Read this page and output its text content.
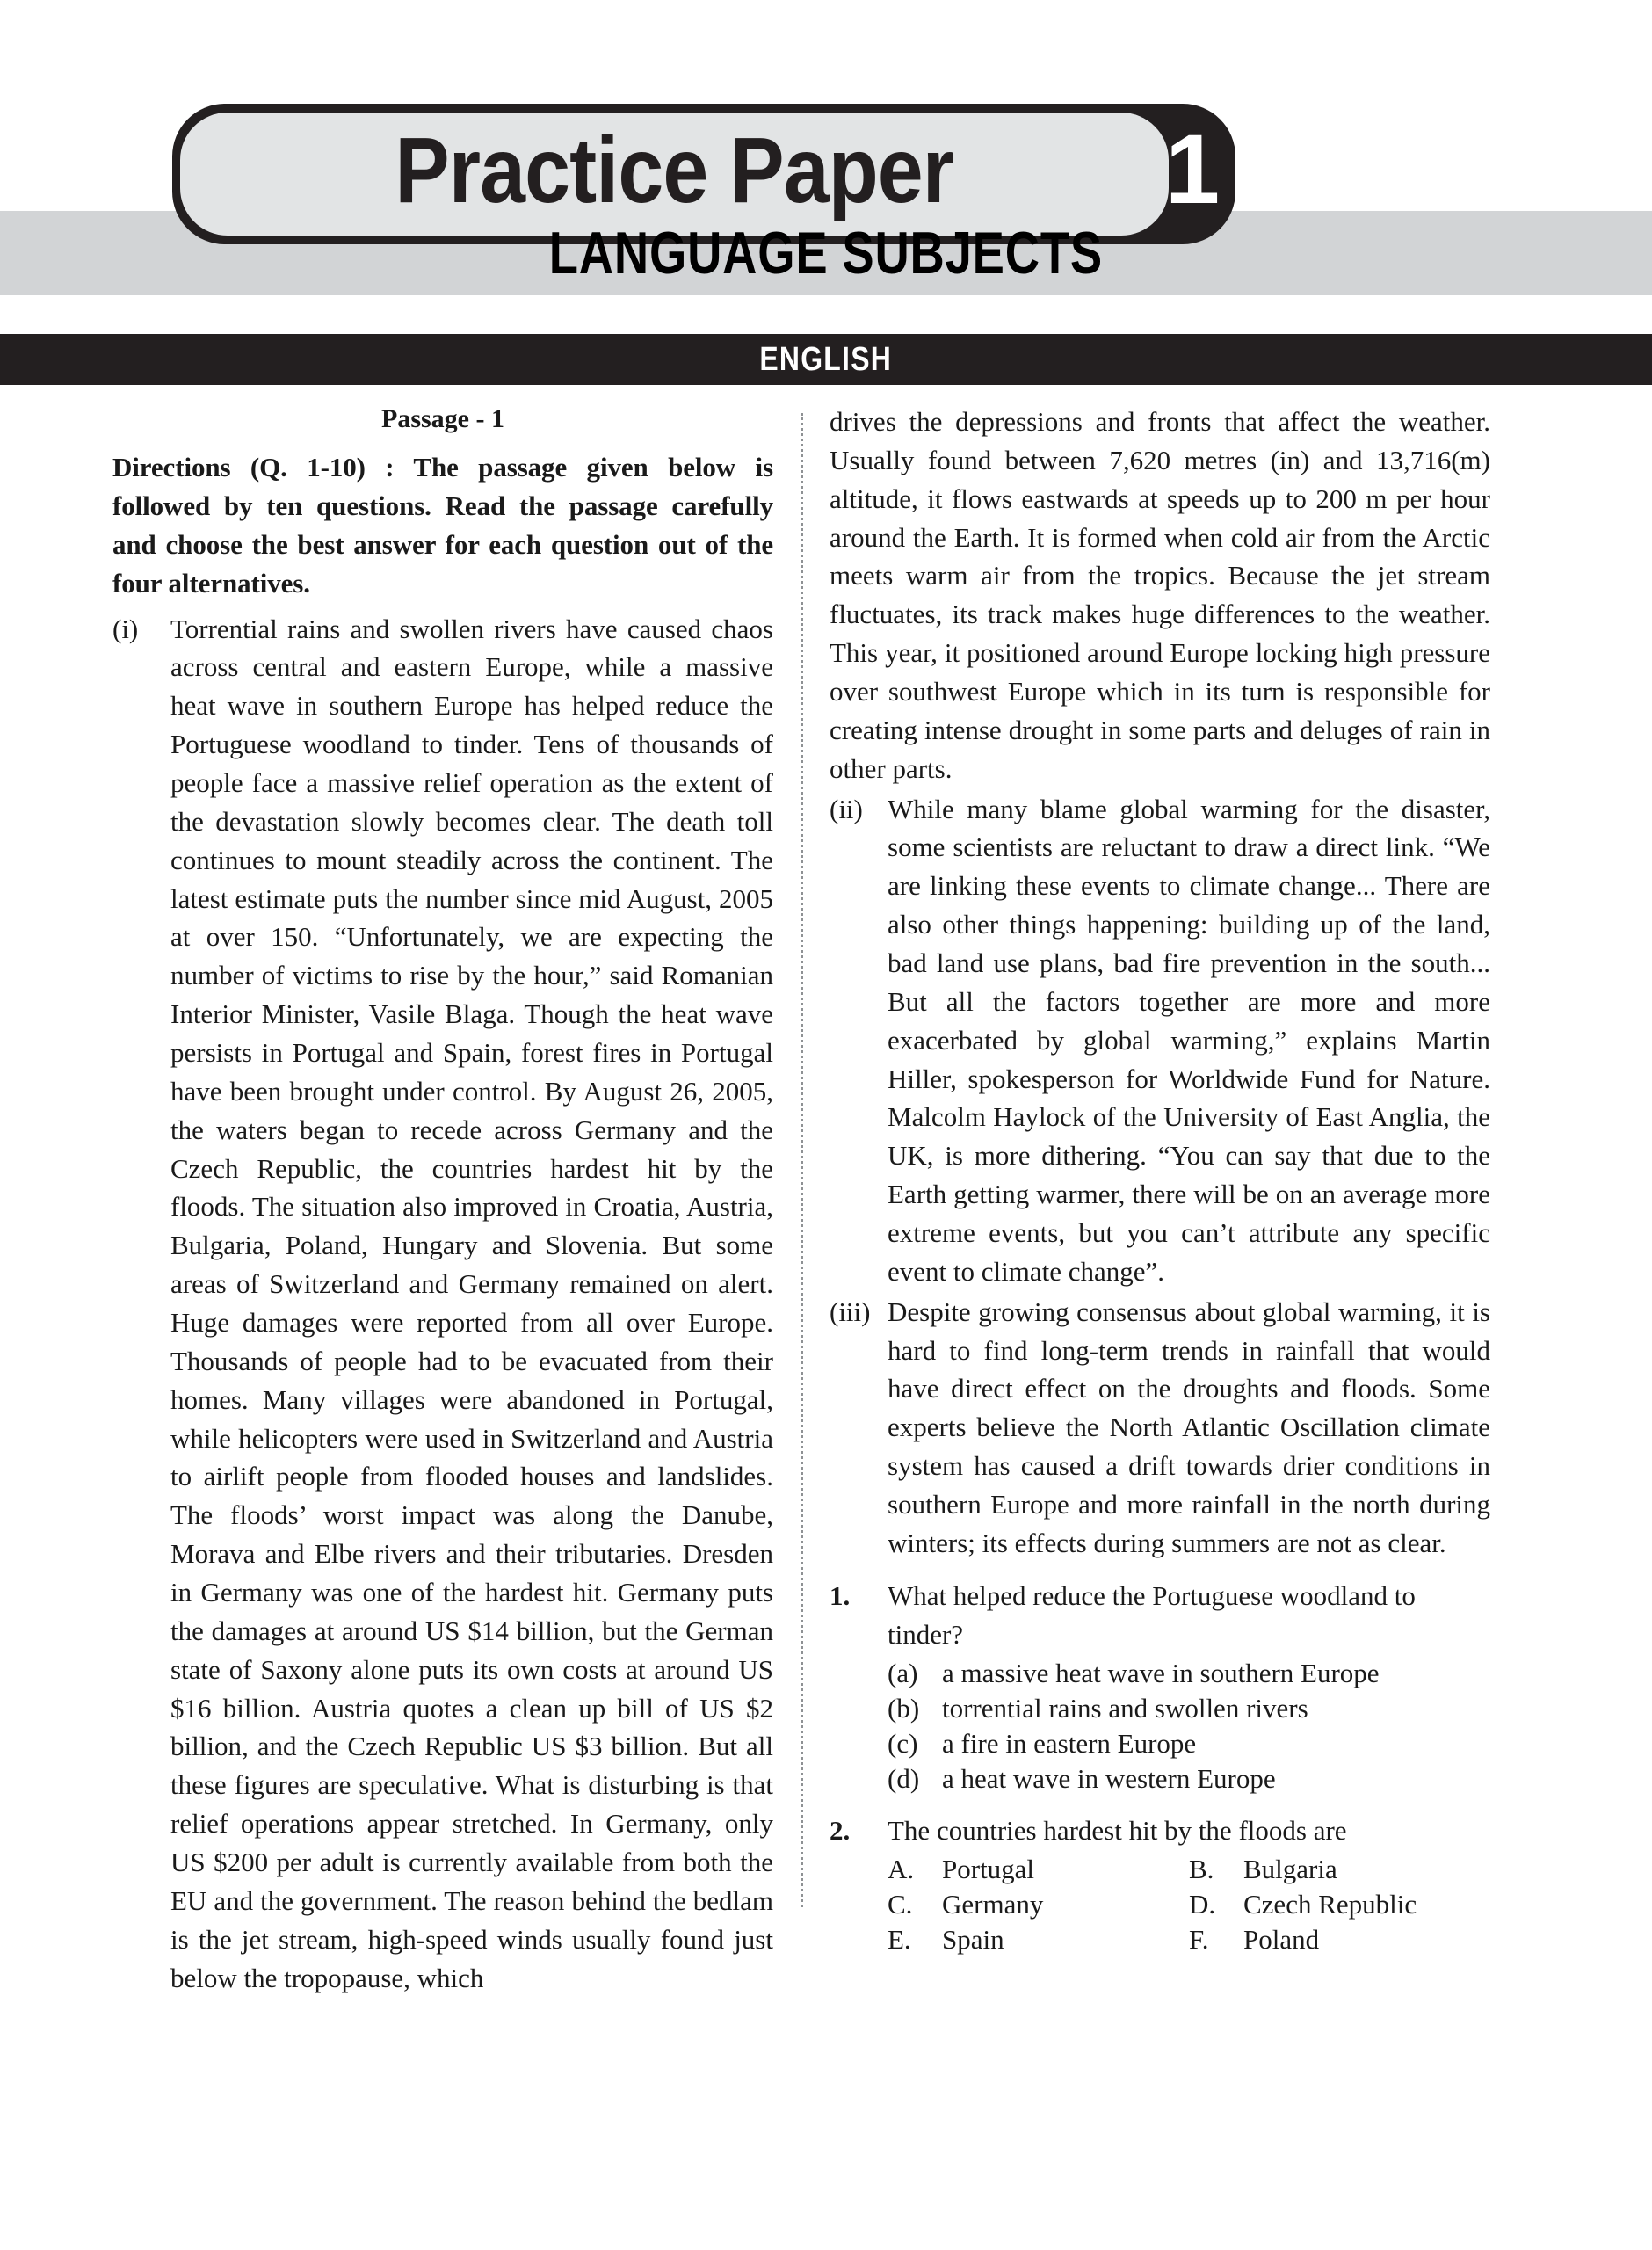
Practice Paper 1
LANGUAGE SUBJECTS
ENGLISH
Passage - 1

Directions (Q. 1-10) : The passage given below is followed by ten questions. Read the passage carefully and choose the best answer for each question out of the four alternatives.

(i)	Torrential rains and swollen rivers have caused chaos across central and eastern Europe, while a massive heat wave in southern Europe has helped reduce the Portuguese woodland to tinder. Tens of thousands of people face a massive relief operation as the extent of the devastation slowly becomes clear. The death toll continues to mount steadily across the continent. The latest estimate puts the number since mid August, 2005 at over 150. “Unfortunately, we are expecting the number of victims to rise by the hour,” said Romanian Interior Minister, Vasile Blaga. Though the heat wave persists in Portugal and Spain, forest fires in Portugal have been brought under control. By August 26, 2005, the waters began to recede across Germany and the Czech Republic, the countries hardest hit by the floods. The situation also improved in Croatia, Austria, Bulgaria, Poland, Hungary and Slovenia. But some areas of Switzerland and Germany remained on alert. Huge damages were reported from all over Europe. Thousands of people had to be evacuated from their homes. Many villages were abandoned in Portugal, while helicopters were used in Switzerland and Austria to airlift people from flooded houses and landslides. The floods’ worst impact was along the Danube, Morava and Elbe rivers and their tributaries. Dresden in Germany was one of the hardest hit. Germany puts the damages at around US $14 billion, but the German state of Saxony alone puts its own costs at around US $16 billion. Austria quotes a clean up bill of US $2 billion, and the Czech Republic US $3 billion. But all these figures are speculative. What is disturbing is that relief operations appear stretched. In Germany, only US $200 per adult is currently available from both the EU and the government. The reason behind the bedlam is the jet stream, high-speed winds usually found just below the tropopause, which
drives the depressions and fronts that affect the weather. Usually found between 7,620 metres (in) and 13,716(m) altitude, it flows eastwards at speeds up to 200 m per hour around the Earth. It is formed when cold air from the Arctic meets warm air from the tropics. Because the jet stream fluctuates, its track makes huge differences to the weather. This year, it positioned around Europe locking high pressure over southwest Europe which in its turn is responsible for creating intense drought in some parts and deluges of rain in other parts.
(ii) While many blame global warming for the disaster, some scientists are reluctant to draw a direct link. “We are linking these events to climate change... There are also other things happening: building up of the land, bad land use plans, bad fire prevention in the south... But all the factors together are more and more exacerbated by global warming,” explains Martin Hiller, spokesperson for Worldwide Fund for Nature. Malcolm Haylock of the University of East Anglia, the UK, is more dithering. “You can say that due to the Earth getting warmer, there will be on an average more extreme events, but you can’t attribute any specific event to climate change”.
(iii) Despite growing consensus about global warming, it is hard to find long-term trends in rainfall that would have direct effect on the droughts and floods. Some experts believe the North Atlantic Oscillation climate system has caused a drift towards drier conditions in southern Europe and more rainfall in the north during winters; its effects during summers are not as clear.
1.	What helped reduce the Portuguese woodland to tinder?
(a) a massive heat wave in southern Europe
(b) torrential rains and swollen rivers
(c) a fire in eastern Europe
(d) a heat wave in western Europe
2.	The countries hardest hit by the floods are
A.	Portugal	B.	Bulgaria
C.	Germany	D.	Czech Republic
E.	Spain	F.	Poland
